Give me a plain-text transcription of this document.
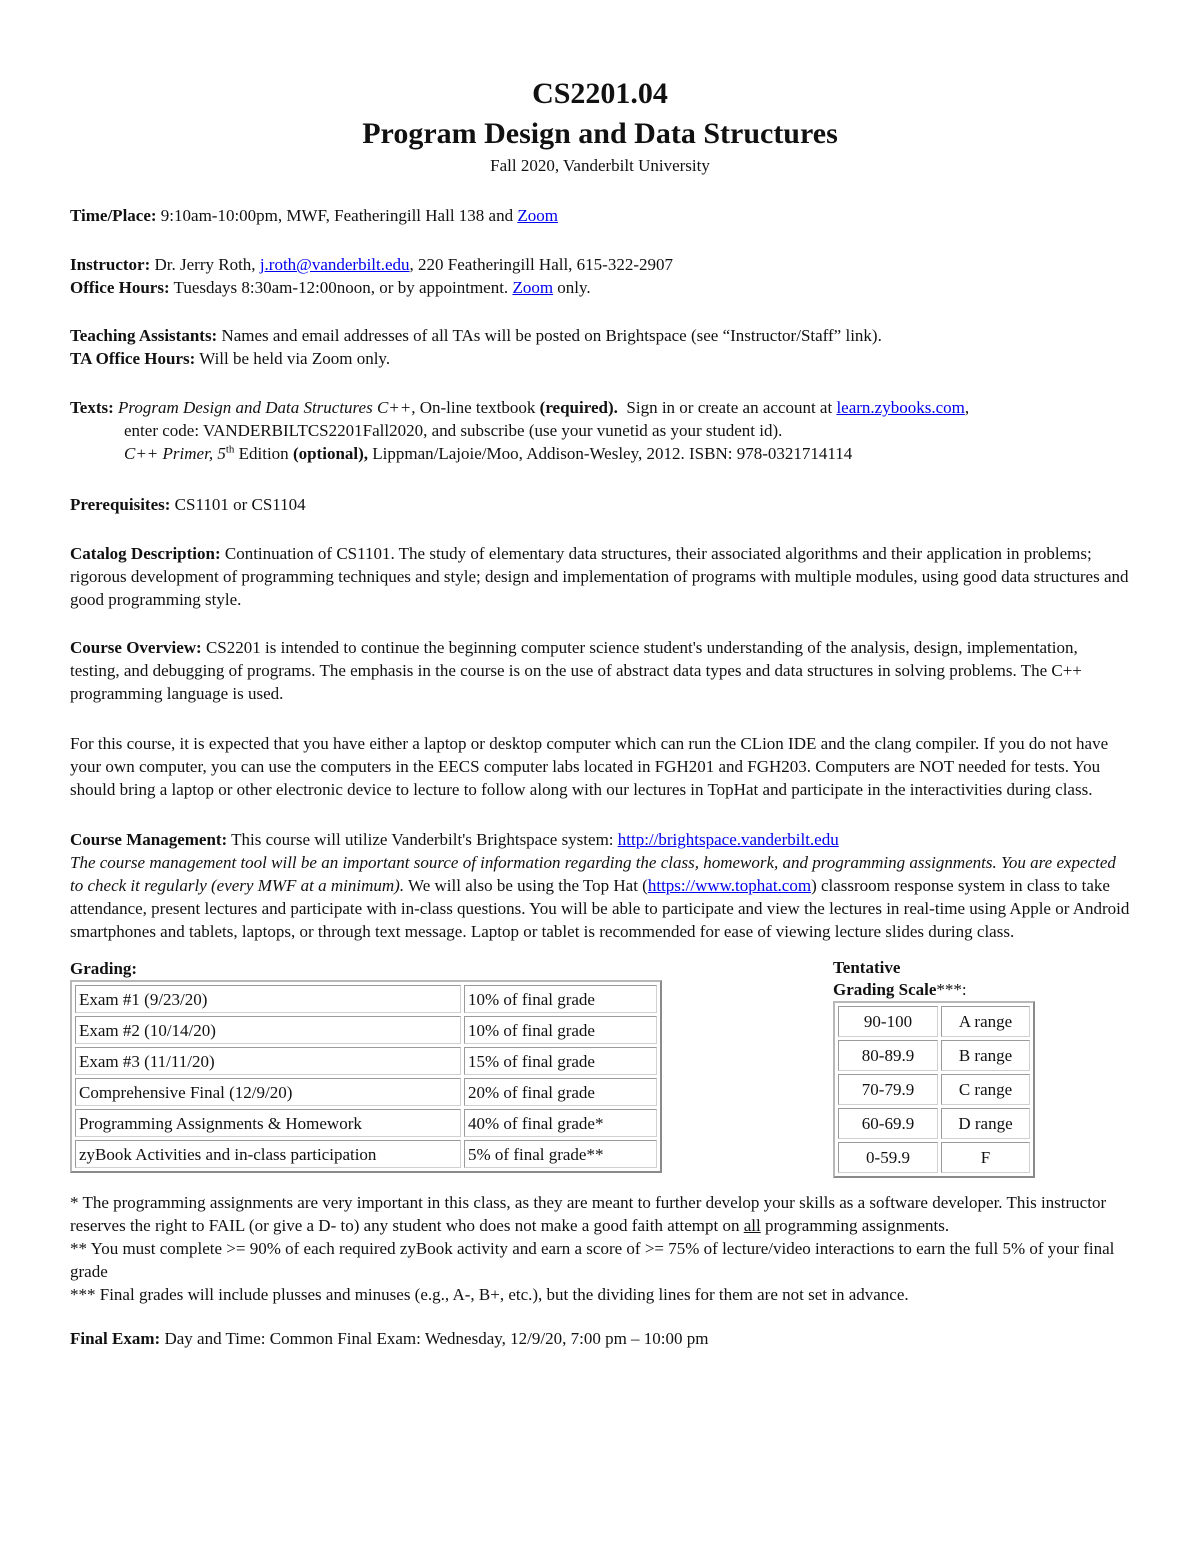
CS2201.04
Program Design and Data Structures
Fall 2020, Vanderbilt University
Time/Place: 9:10am-10:00pm, MWF, Featheringill Hall 138 and Zoom
Instructor: Dr. Jerry Roth, j.roth@vanderbilt.edu, 220 Featheringill Hall, 615-322-2907
Office Hours: Tuesdays 8:30am-12:00noon, or by appointment. Zoom only.
Teaching Assistants: Names and email addresses of all TAs will be posted on Brightspace (see “Instructor/Staff” link).
TA Office Hours: Will be held via Zoom only.
Texts: Program Design and Data Structures C++, On-line textbook (required).  Sign in or create an account at learn.zybooks.com,
enter code: VANDERBILTCS2201Fall2020, and subscribe (use your vunetid as your student id).
C++ Primer, 5th Edition (optional), Lippman/Lajoie/Moo, Addison-Wesley, 2012. ISBN: 978-0321714114
Prerequisites: CS1101 or CS1104
Catalog Description: Continuation of CS1101. The study of elementary data structures, their associated algorithms and their application in problems; rigorous development of programming techniques and style; design and implementation of programs with multiple modules, using good data structures and good programming style.
Course Overview: CS2201 is intended to continue the beginning computer science student's understanding of the analysis, design, implementation, testing, and debugging of programs. The emphasis in the course is on the use of abstract data types and data structures in solving problems. The C++ programming language is used.
For this course, it is expected that you have either a laptop or desktop computer which can run the CLion IDE and the clang compiler. If you do not have your own computer, you can use the computers in the EECS computer labs located in FGH201 and FGH203. Computers are NOT needed for tests. You should bring a laptop or other electronic device to lecture to follow along with our lectures in TopHat and participate in the interactivities during class.
Course Management: This course will utilize Vanderbilt's Brightspace system: http://brightspace.vanderbilt.edu
The course management tool will be an important source of information regarding the class, homework, and programming assignments. You are expected to check it regularly (every MWF at a minimum). We will also be using the Top Hat (https://www.tophat.com) classroom response system in class to take attendance, present lectures and participate with in-class questions. You will be able to participate and view the lectures in real-time using Apple or Android smartphones and tablets, laptops, or through text message. Laptop or tablet is recommended for ease of viewing lecture slides during class.
Grading:
Exam #1 (9/23/20)	10% of final grade
Exam #2 (10/14/20)	10% of final grade
Exam #3 (11/11/20)	15% of final grade
Comprehensive Final (12/9/20)	20% of final grade
Programming Assignments & Homework	40% of final grade*
zyBook Activities and in-class participation	5% of final grade**
Tentative
Grading Scale***:
90-100	A range
80-89.9	B range
70-79.9	C range
60-69.9	D range
0-59.9	F
* The programming assignments are very important in this class, as they are meant to further develop your skills as a software developer. This instructor reserves the right to FAIL (or give a D- to) any student who does not make a good faith attempt on all programming assignments.
** You must complete >= 90% of each required zyBook activity and earn a score of >= 75% of lecture/video interactions to earn the full 5% of your final grade
*** Final grades will include plusses and minuses (e.g., A-, B+, etc.), but the dividing lines for them are not set in advance.
Final Exam: Day and Time: Common Final Exam: Wednesday, 12/9/20, 7:00 pm – 10:00 pm
